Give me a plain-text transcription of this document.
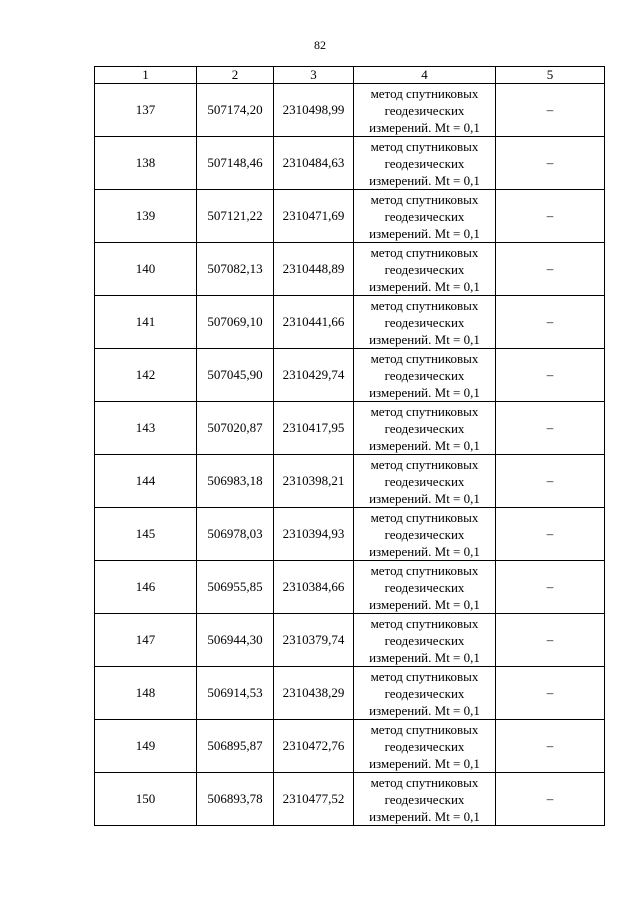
82
1	2	3	4	5
137	507174,20	2310498,99	метод спутниковых
геодезических
измерений. Mt = 0,1	–
138	507148,46	2310484,63	метод спутниковых
геодезических
измерений. Mt = 0,1	–
139	507121,22	2310471,69	метод спутниковых
геодезических
измерений. Mt = 0,1	–
140	507082,13	2310448,89	метод спутниковых
геодезических
измерений. Mt = 0,1	–
141	507069,10	2310441,66	метод спутниковых
геодезических
измерений. Mt = 0,1	–
142	507045,90	2310429,74	метод спутниковых
геодезических
измерений. Mt = 0,1	–
143	507020,87	2310417,95	метод спутниковых
геодезических
измерений. Mt = 0,1	–
144	506983,18	2310398,21	метод спутниковых
геодезических
измерений. Mt = 0,1	–
145	506978,03	2310394,93	метод спутниковых
геодезических
измерений. Mt = 0,1	–
146	506955,85	2310384,66	метод спутниковых
геодезических
измерений. Mt = 0,1	–
147	506944,30	2310379,74	метод спутниковых
геодезических
измерений. Mt = 0,1	–
148	506914,53	2310438,29	метод спутниковых
геодезических
измерений. Mt = 0,1	–
149	506895,87	2310472,76	метод спутниковых
геодезических
измерений. Mt = 0,1	–
150	506893,78	2310477,52	метод спутниковых
геодезических
измерений. Mt = 0,1	–
